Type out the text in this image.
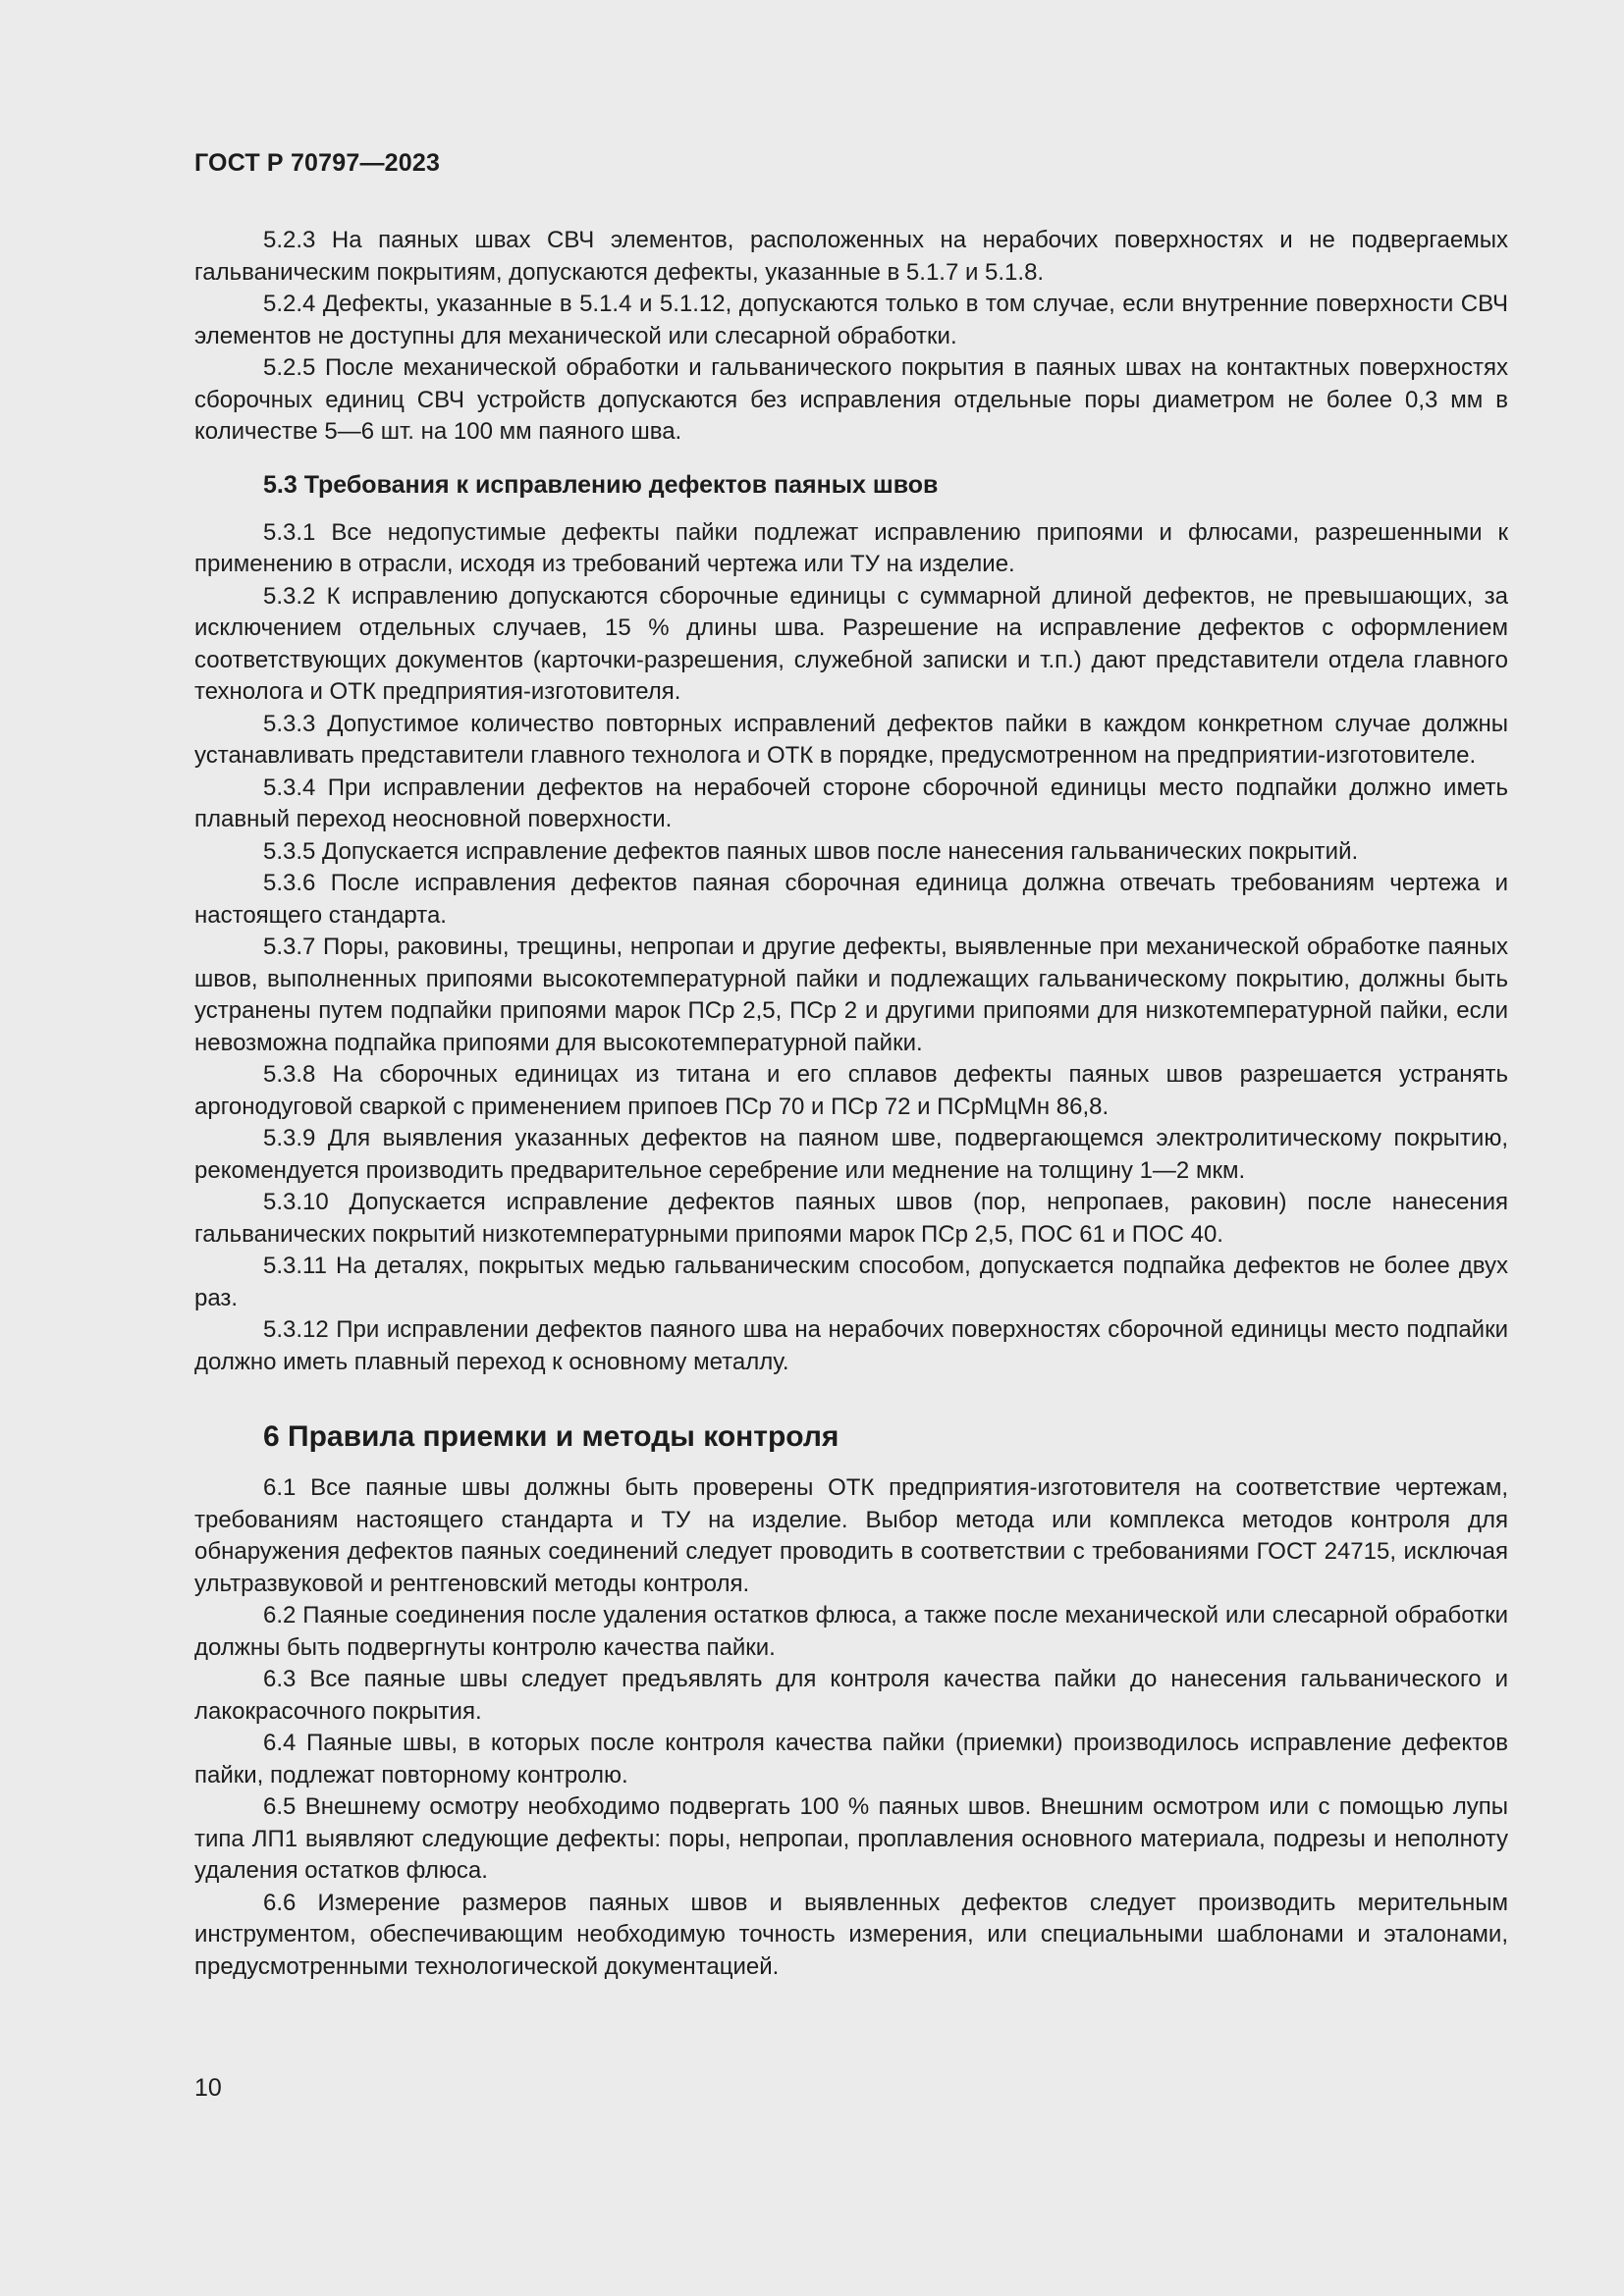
ГОСТ Р 70797—2023

5.2.3 На паяных швах СВЧ элементов, расположенных на нерабочих поверхностях и не подвергаемых гальваническим покрытиям, допускаются дефекты, указанные в 5.1.7 и 5.1.8.

5.2.4 Дефекты, указанные в 5.1.4 и 5.1.12, допускаются только в том случае, если внутренние поверхности СВЧ элементов не доступны для механической или слесарной обработки.

5.2.5 После механической обработки и гальванического покрытия в паяных швах на контактных поверхностях сборочных единиц СВЧ устройств допускаются без исправления отдельные поры диаметром не более 0,3 мм в количестве 5—6 шт. на 100 мм паяного шва.

5.3 Требования к исправлению дефектов паяных швов

5.3.1 Все недопустимые дефекты пайки подлежат исправлению припоями и флюсами, разрешенными к применению в отрасли, исходя из требований чертежа или ТУ на изделие.

5.3.2 К исправлению допускаются сборочные единицы с суммарной длиной дефектов, не превышающих, за исключением отдельных случаев, 15 % длины шва. Разрешение на исправление дефектов с оформлением соответствующих документов (карточки-разрешения, служебной записки и т.п.) дают представители отдела главного технолога и ОТК предприятия-изготовителя.

5.3.3 Допустимое количество повторных исправлений дефектов пайки в каждом конкретном случае должны устанавливать представители главного технолога и ОТК в порядке, предусмотренном на предприятии-изготовителе.

5.3.4 При исправлении дефектов на нерабочей стороне сборочной единицы место подпайки должно иметь плавный переход неосновной поверхности.

5.3.5 Допускается исправление дефектов паяных швов после нанесения гальванических покрытий.

5.3.6 После исправления дефектов паяная сборочная единица должна отвечать требованиям чертежа и настоящего стандарта.

5.3.7 Поры, раковины, трещины, непропаи и другие дефекты, выявленные при механической обработке паяных швов, выполненных припоями высокотемпературной пайки и подлежащих гальваническому покрытию, должны быть устранены путем подпайки припоями марок ПСр 2,5, ПСр 2 и другими припоями для низкотемпературной пайки, если невозможна подпайка припоями для высокотемпературной пайки.

5.3.8 На сборочных единицах из титана и его сплавов дефекты паяных швов разрешается устранять аргонодуговой сваркой с применением припоев ПСр 70 и ПСр 72 и ПСрМцМн 86,8.

5.3.9 Для выявления указанных дефектов на паяном шве, подвергающемся электролитическому покрытию, рекомендуется производить предварительное серебрение или меднение на толщину 1—2 мкм.

5.3.10 Допускается исправление дефектов паяных швов (пор, непропаев, раковин) после нанесения гальванических покрытий низкотемпературными припоями марок ПСр 2,5, ПОС 61 и ПОС 40.

5.3.11 На деталях, покрытых медью гальваническим способом, допускается подпайка дефектов не более двух раз.

5.3.12 При исправлении дефектов паяного шва на нерабочих поверхностях сборочной единицы место подпайки должно иметь плавный переход к основному металлу.

6 Правила приемки и методы контроля

6.1 Все паяные швы должны быть проверены ОТК предприятия-изготовителя на соответствие чертежам, требованиям настоящего стандарта и ТУ на изделие. Выбор метода или комплекса методов контроля для обнаружения дефектов паяных соединений следует проводить в соответствии с требованиями ГОСТ 24715, исключая ультразвуковой и рентгеновский методы контроля.

6.2 Паяные соединения после удаления остатков флюса, а также после механической или слесарной обработки должны быть подвергнуты контролю качества пайки.

6.3 Все паяные швы следует предъявлять для контроля качества пайки до нанесения гальванического и лакокрасочного покрытия.

6.4 Паяные швы, в которых после контроля качества пайки (приемки) производилось исправление дефектов пайки, подлежат повторному контролю.

6.5 Внешнему осмотру необходимо подвергать 100 % паяных швов. Внешним осмотром или с помощью лупы типа ЛП1 выявляют следующие дефекты: поры, непропаи, проплавления основного материала, подрезы и неполноту удаления остатков флюса.

6.6 Измерение размеров паяных швов и выявленных дефектов следует производить мерительным инструментом, обеспечивающим необходимую точность измерения, или специальными шаблонами и эталонами, предусмотренными технологической документацией.

10
